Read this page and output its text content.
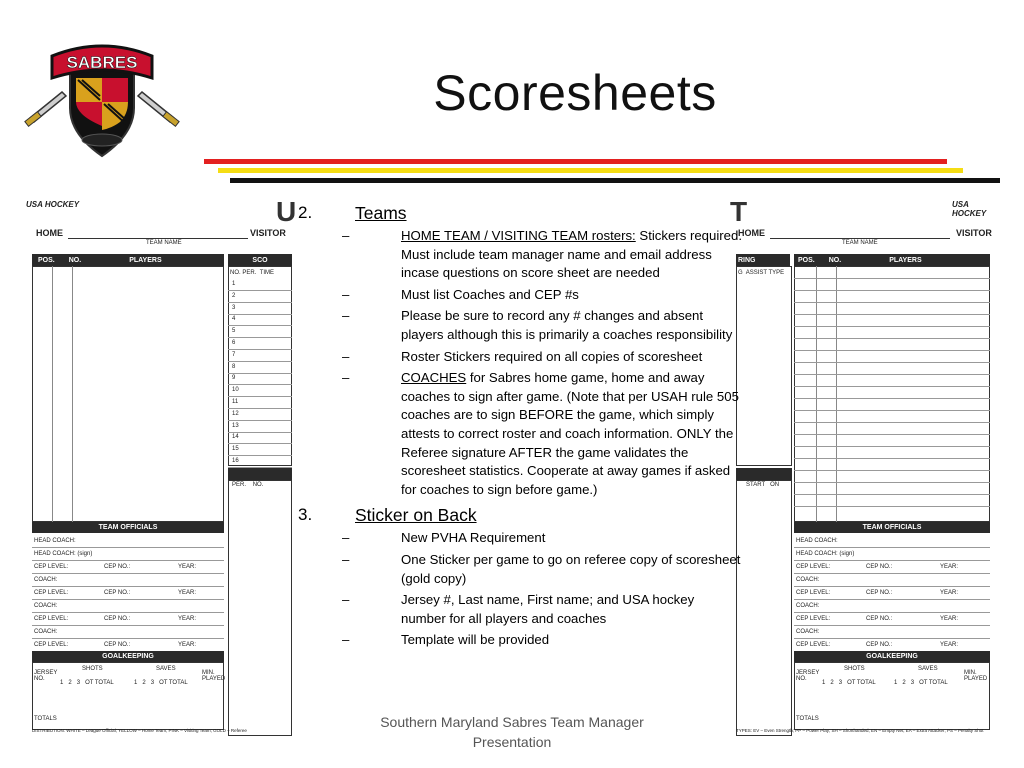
SABRES
Scoresheets
USA HOCKEY	U
HOME	VISITOR
TEAM NAME
POS. NO.	PLAYERS	SCO
NO. PER. TIME
1
2
3
4
5
6
7
8
9
10
11
12
13
14
15
16
PER. NO.
TEAM OFFICIALS
HEAD COACH:
HEAD COACH: (sign)
CEP LEVEL:	CEP NO.:	YEAR:
COACH:
CEP LEVEL:	CEP NO.:	YEAR:
COACH:
CEP LEVEL:	CEP NO.:	YEAR:
COACH:
CEP LEVEL:	CEP NO.:	YEAR:
GOALKEEPING
SHOTS	SAVES
JERSEY NO.
1 2 3 OT TOTAL	1 2 3 OT TOTAL
MIN. PLAYED
TOTALS
DISTRIBUTION: WHITE – League Official; YELLOW – Home Team; PINK – Visiting Team; GOLD – Referee
T	USA HOCKEY
HOME	VISITOR
TEAM NAME
RING
G ASSIST TYPE
START ON
POS. NO.	PLAYERS
TEAM OFFICIALS
HEAD COACH:
HEAD COACH: (sign)
CEP LEVEL:	CEP NO.:	YEAR:
COACH:
CEP LEVEL:	CEP NO.:	YEAR:
COACH:
CEP LEVEL:	CEP NO.:	YEAR:
COACH:
CEP LEVEL:	CEP NO.:	YEAR:
GOALKEEPING
SHOTS	SAVES
JERSEY NO.
1 2 3 OT TOTAL	1 2 3 OT TOTAL
MIN. PLAYED
TOTALS
TYPES: EV – Even Strength; PP – Power Play; SH – Shorthanded; EN – Empty Net; EA – Extra Attacker; PS – Penalty Shot
2. Teams
–	HOME TEAM / VISITING TEAM rosters: Stickers required. Must include team manager name and email address incase questions on score sheet are needed
–	Must list Coaches and CEP #s
–	Please be sure to record any # changes and absent players although this is primarily a coaches responsibility
–	Roster Stickers required on all copies of scoresheet
–	COACHES for Sabres home game, home and away coaches to sign after game. (Note that per USAH rule 505 coaches are to sign BEFORE the game, which simply attests to correct roster and coach information. ONLY the Referee signature AFTER the game validates the scoresheet statistics. Cooperate at away games if asked for coaches to sign before game.)
3. Sticker on Back
–	New PVHA Requirement
–	One Sticker per game to go on referee copy of scoresheet (gold copy)
–	Jersey #, Last name, First name; and USA hockey number for all players and coaches
–	Template will be provided
Southern Maryland Sabres Team Manager
Presentation
